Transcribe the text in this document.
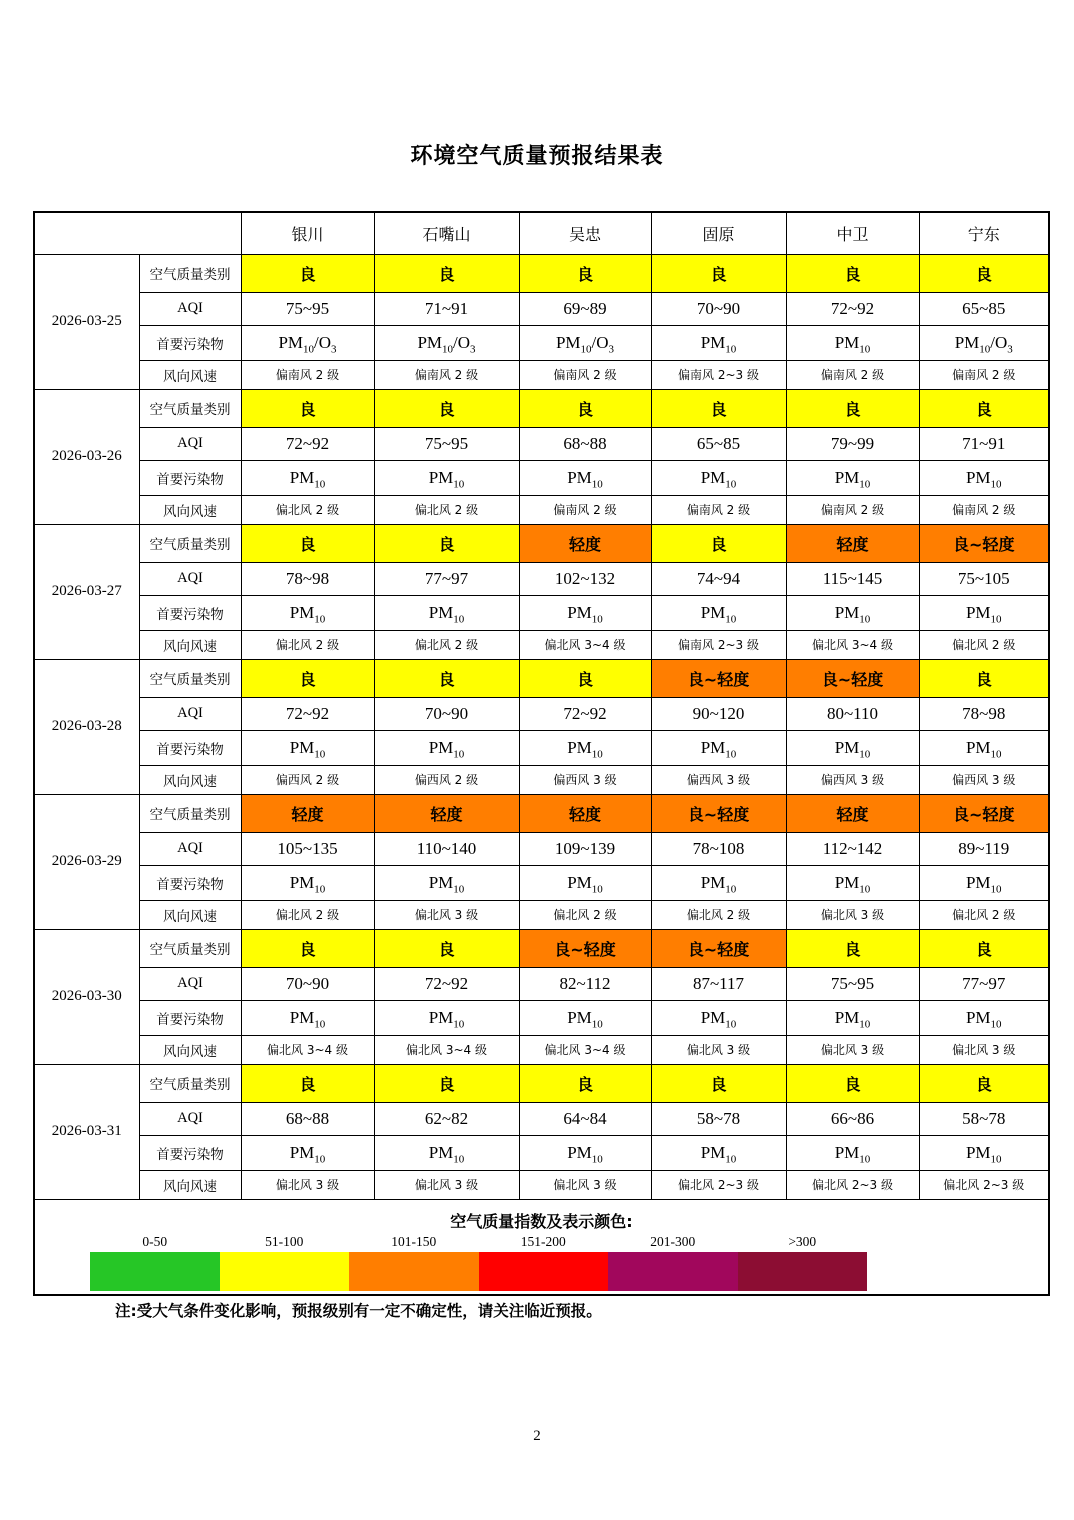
环境空气质量预报结果表
		银川	石嘴山	吴忠	固原	中卫	宁东
2026-03-25	空气质量类别	良	良	良	良	良	良
	AQI	75~95	71~91	69~89	70~90	72~92	65~85
	首要污染物	$PM_{10}/O_3$	$PM_{10}/O_3$	$PM_{10}/O_3$	$PM_{10}$	$PM_{10}$	$PM_{10}/O_3$
	风向风速	偏南风 2 级	偏南风 2 级	偏南风 2 级	偏南风 2~3 级	偏南风 2 级	偏南风 2 级
2026-03-26	空气质量类别	良	良	良	良	良	良
	AQI	72~92	75~95	68~88	65~85	79~99	71~91
	首要污染物	$PM_{10}$	$PM_{10}$	$PM_{10}$	$PM_{10}$	$PM_{10}$	$PM_{10}$
	风向风速	偏北风 2 级	偏北风 2 级	偏南风 2 级	偏南风 2 级	偏南风 2 级	偏南风 2 级
2026-03-27	空气质量类别	良	良	轻度	良	轻度	良~轻度
	AQI	78~98	77~97	102~132	74~94	115~145	75~105
	首要污染物	$PM_{10}$	$PM_{10}$	$PM_{10}$	$PM_{10}$	$PM_{10}$	$PM_{10}$
	风向风速	偏北风 2 级	偏北风 2 级	偏北风 3~4 级	偏南风 2~3 级	偏北风 3~4 级	偏北风 2 级
2026-03-28	空气质量类别	良	良	良	良~轻度	良~轻度	良
	AQI	72~92	70~90	72~92	90~120	80~110	78~98
	首要污染物	$PM_{10}$	$PM_{10}$	$PM_{10}$	$PM_{10}$	$PM_{10}$	$PM_{10}$
	风向风速	偏西风 2 级	偏西风 2 级	偏西风 3 级	偏西风 3 级	偏西风 3 级	偏西风 3 级
2026-03-29	空气质量类别	轻度	轻度	轻度	良~轻度	轻度	良~轻度
	AQI	105~135	110~140	109~139	78~108	112~142	89~119
	首要污染物	$PM_{10}$	$PM_{10}$	$PM_{10}$	$PM_{10}$	$PM_{10}$	$PM_{10}$
	风向风速	偏北风 2 级	偏北风 3 级	偏北风 2 级	偏北风 2 级	偏北风 3 级	偏北风 2 级
2026-03-30	空气质量类别	良	良	良~轻度	良~轻度	良	良
	AQI	70~90	72~92	82~112	87~117	75~95	77~97
	首要污染物	$PM_{10}$	$PM_{10}$	$PM_{10}$	$PM_{10}$	$PM_{10}$	$PM_{10}$
	风向风速	偏北风 3~4 级	偏北风 3~4 级	偏北风 3~4 级	偏北风 3 级	偏北风 3 级	偏北风 3 级
2026-03-31	空气质量类别	良	良	良	良	良	良
	AQI	68~88	62~82	64~84	58~78	66~86	58~78
	首要污染物	$PM_{10}$	$PM_{10}$	$PM_{10}$	$PM_{10}$	$PM_{10}$	$PM_{10}$
	风向风速	偏北风 3 级	偏北风 3 级	偏北风 3 级	偏北风 2~3 级	偏北风 2~3 级	偏北风 2~3 级

空气质量指数及表示颜色:
0-50	51-100	101-150	151-200	201-300	>300
注:受大气条件变化影响，预报级别有一定不确定性，请关注临近预报。
2
